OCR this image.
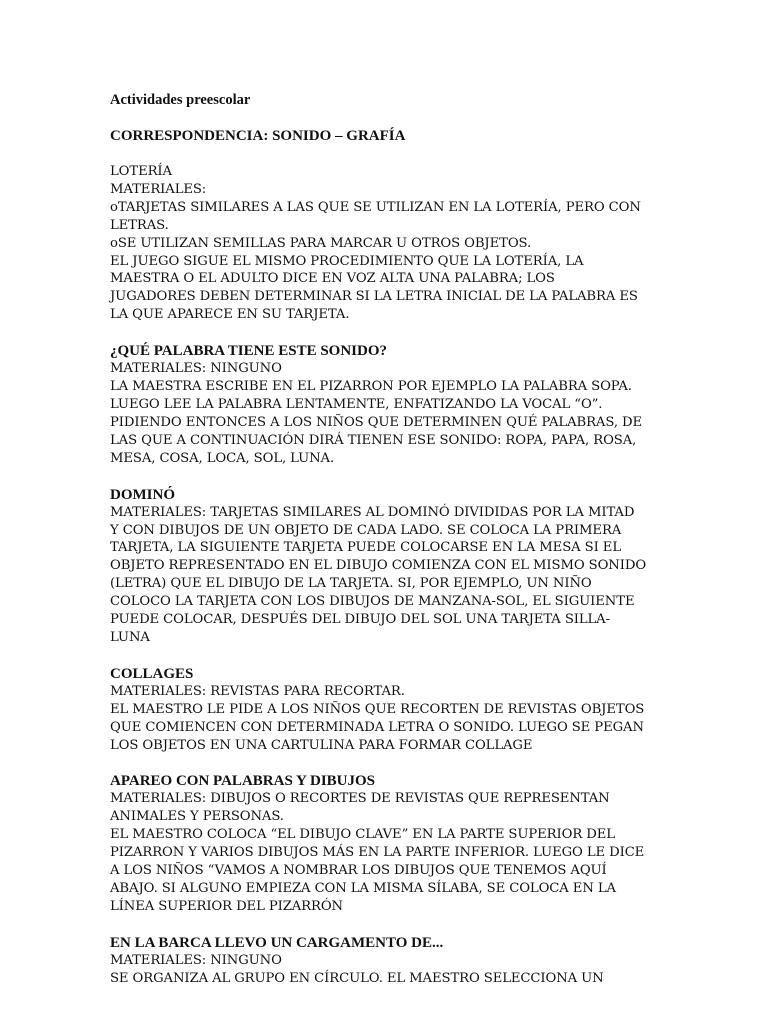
Actividades preescolar

CORRESPONDENCIA: SONIDO – GRAFÍA

LOTERÍA

MATERIALES:

oTARJETAS SIMILARES A LAS QUE SE UTILIZAN EN LA LOTERÍA, PERO CON

LETRAS.

oSE UTILIZAN SEMILLAS PARA MARCAR U OTROS OBJETOS.

EL JUEGO SIGUE EL MISMO PROCEDIMIENTO QUE LA LOTERÍA, LA

MAESTRA O EL ADULTO DICE EN VOZ ALTA UNA PALABRA; LOS

JUGADORES DEBEN DETERMINAR SI LA LETRA INICIAL DE LA PALABRA ES

LA QUE APARECE EN SU TARJETA.

¿QUÉ PALABRA TIENE ESTE SONIDO?

MATERIALES: NINGUNO

LA MAESTRA ESCRIBE EN EL PIZARRON POR EJEMPLO LA PALABRA SOPA.

LUEGO LEE LA PALABRA LENTAMENTE, ENFATIZANDO LA VOCAL “O”.

PIDIENDO ENTONCES A LOS NIÑOS QUE DETERMINEN QUÉ PALABRAS, DE

LAS QUE A CONTINUACIÓN DIRÁ TIENEN ESE SONIDO: ROPA, PAPA, ROSA,

MESA, COSA, LOCA, SOL, LUNA.

DOMINÓ

MATERIALES: TARJETAS SIMILARES AL DOMINÓ DIVIDIDAS POR LA MITAD

Y CON DIBUJOS DE UN OBJETO DE CADA LADO. SE COLOCA LA PRIMERA

TARJETA, LA SIGUIENTE TARJETA PUEDE COLOCARSE EN LA MESA SI EL

OBJETO REPRESENTADO EN EL DIBUJO COMIENZA CON EL MISMO SONIDO

(LETRA) QUE EL DIBUJO DE LA TARJETA. SI, POR EJEMPLO, UN NIÑO

COLOCO LA TARJETA CON LOS DIBUJOS DE MANZANA-SOL, EL SIGUIENTE

PUEDE COLOCAR, DESPUÉS DEL DIBUJO DEL SOL UNA TARJETA SILLA-

LUNA

COLLAGES

MATERIALES: REVISTAS PARA RECORTAR.

EL MAESTRO LE PIDE A LOS NIÑOS QUE RECORTEN DE REVISTAS OBJETOS

QUE COMIENCEN CON DETERMINADA LETRA O SONIDO. LUEGO SE PEGAN

LOS OBJETOS EN UNA CARTULINA PARA FORMAR COLLAGE

APAREO CON PALABRAS Y DIBUJOS

MATERIALES: DIBUJOS O RECORTES DE REVISTAS QUE REPRESENTAN

ANIMALES Y PERSONAS.

EL MAESTRO COLOCA “EL DIBUJO CLAVE” EN LA PARTE SUPERIOR DEL

PIZARRON Y VARIOS DIBUJOS MÁS EN LA PARTE INFERIOR. LUEGO LE DICE

A LOS NIÑOS “VAMOS A NOMBRAR LOS DIBUJOS QUE TENEMOS AQUÍ

ABAJO. SI ALGUNO EMPIEZA CON LA MISMA SÍLABA, SE COLOCA EN LA

LÍNEA SUPERIOR DEL PIZARRÓN

EN LA BARCA LLEVO UN CARGAMENTO DE...

MATERIALES: NINGUNO

SE ORGANIZA AL GRUPO EN CÍRCULO. EL MAESTRO SELECCIONA UN
